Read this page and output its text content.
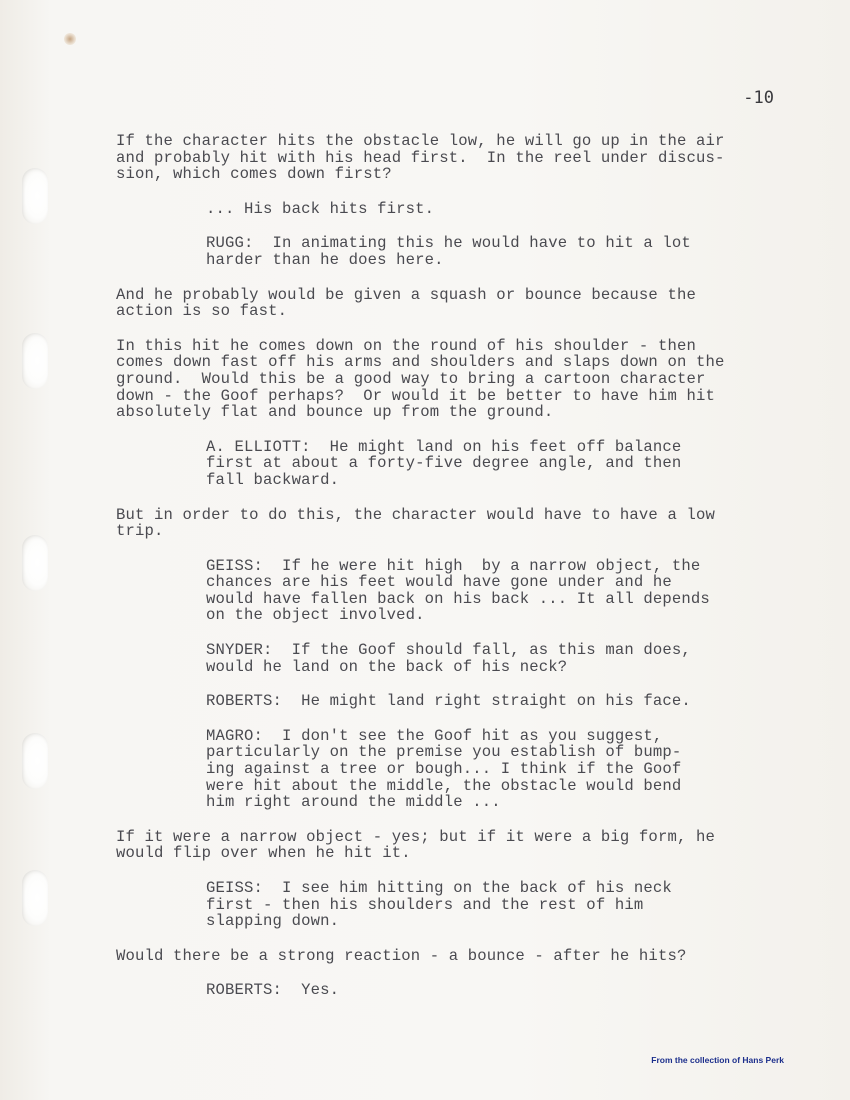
-10

If the character hits the obstacle low, he will go up in the air
and probably hit with his head first.  In the reel under discus-
sion, which comes down first?

... His back hits first.

RUGG:  In animating this he would have to hit a lot
harder than he does here.

And he probably would be given a squash or bounce because the
action is so fast.

In this hit he comes down on the round of his shoulder - then
comes down fast off his arms and shoulders and slaps down on the
ground.  Would this be a good way to bring a cartoon character
down - the Goof perhaps?  Or would it be better to have him hit
absolutely flat and bounce up from the ground.

A. ELLIOTT:  He might land on his feet off balance
first at about a forty-five degree angle, and then
fall backward.

But in order to do this, the character would have to have a low
trip.

GEISS:  If he were hit high  by a narrow object, the
chances are his feet would have gone under and he
would have fallen back on his back ... It all depends
on the object involved.

SNYDER:  If the Goof should fall, as this man does,
would he land on the back of his neck?

ROBERTS:  He might land right straight on his face.

MAGRO:  I don't see the Goof hit as you suggest,
particularly on the premise you establish of bump-
ing against a tree or bough... I think if the Goof
were hit about the middle, the obstacle would bend
him right around the middle ...

If it were a narrow object - yes; but if it were a big form, he
would flip over when he hit it.

GEISS:  I see him hitting on the back of his neck
first - then his shoulders and the rest of him
slapping down.

Would there be a strong reaction - a bounce - after he hits?

ROBERTS:  Yes.

From the collection of Hans Perk
